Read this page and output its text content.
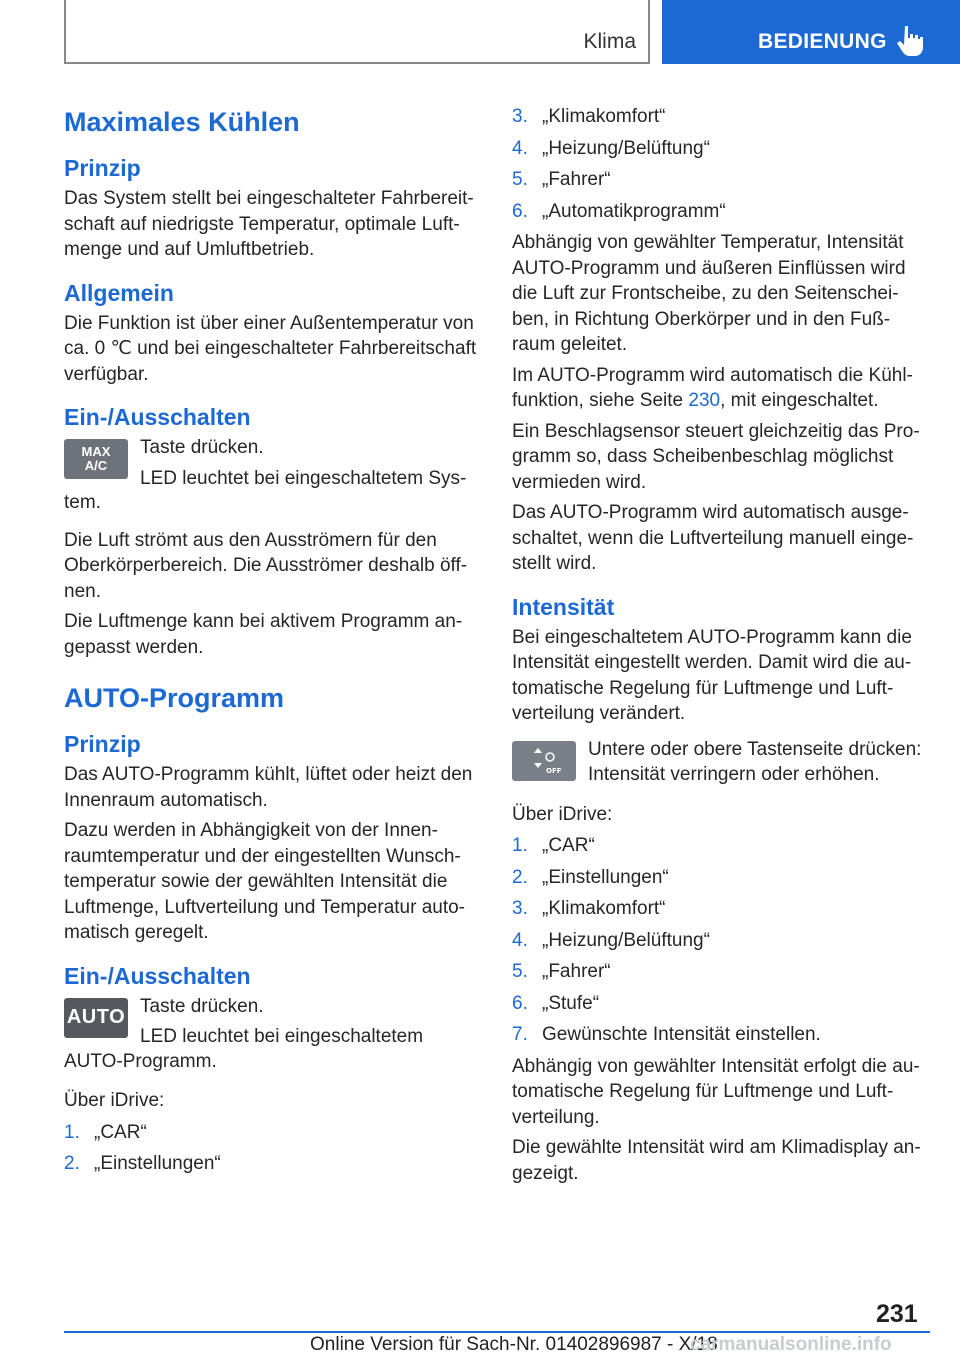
Klima	BEDIENUNG
Maximales Kühlen
Prinzip

Das System stellt bei eingeschalteter Fahrbereit-schaft auf niedrigste Temperatur, optimale Luft-menge und auf Umluftbetrieb.

Allgemein

Die Funktion ist über einer Außentemperatur von ca. 0 ℃ und bei eingeschalteter Fahrbereitschaft verfügbar.

Ein-/Ausschalten
MAX
A/C

Taste drücken.

LED leuchtet bei eingeschaltetem Sys-

tem.

Die Luft strömt aus den Ausströmern für den Oberkörperbereich. Die Ausströmer deshalb öff-nen.

Die Luftmenge kann bei aktivem Programm an-gepasst werden.

AUTO-Programm
Prinzip

Das AUTO-Programm kühlt, lüftet oder heizt den Innenraum automatisch.

Dazu werden in Abhängigkeit von der Innen-raumtemperatur und der eingestellten Wunsch-temperatur sowie der gewählten Intensität die Luftmenge, Luftverteilung und Temperatur auto-matisch geregelt.

Ein-/Ausschalten
AUTO Taste drücken.

LED leuchtet bei eingeschaltetem

AUTO-Programm.

Über iDrive:

1. „CAR“
2. „Einstellungen“
3. „Klimakomfort“
4. „Heizung/Belüftung“
5. „Fahrer“
6. „Automatikprogramm“

Abhängig von gewählter Temperatur, Intensität AUTO-Programm und äußeren Einflüssen wird die Luft zur Frontscheibe, zu den Seitenschei-ben, in Richtung Oberkörper und in den Fuß-raum geleitet.

Im AUTO-Programm wird automatisch die Kühl-funktion, siehe Seite 230, mit eingeschaltet.

Ein Beschlagsensor steuert gleichzeitig das Pro-gramm so, dass Scheibenbeschlag möglichst vermieden wird.

Das AUTO-Programm wird automatisch ausge-schaltet, wenn die Luftverteilung manuell einge-stellt wird.

Intensität

Bei eingeschaltetem AUTO-Programm kann die Intensität eingestellt werden. Damit wird die au-tomatische Regelung für Luftmenge und Luft-verteilung verändert.

OFF

Untere oder obere Tastenseite drücken: Intensität verringern oder erhöhen.

Über iDrive:

1. „CAR“
2. „Einstellungen“
3. „Klimakomfort“
4. „Heizung/Belüftung“
5. „Fahrer“
6. „Stufe“
7. Gewünschte Intensität einstellen.

Abhängig von gewählter Intensität erfolgt die au-tomatische Regelung für Luftmenge und Luft-verteilung.

Die gewählte Intensität wird am Klimadisplay an-gezeigt.

231
Online Version für Sach-Nr. 01402896987 - X/18
carmanualsonline.info
